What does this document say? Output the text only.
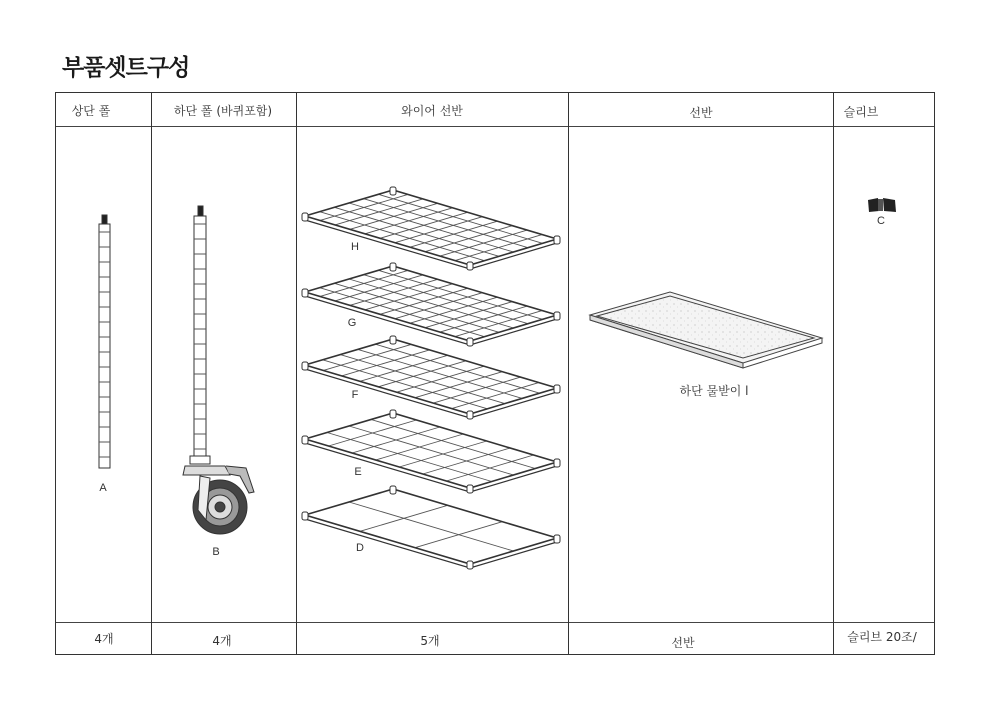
부품셋트구성
상단 폴	하단 폴 (바퀴포함)	와이어 선반	선반	슬리브
4개	4개	5개	선반	슬리브 20조/
A
B
C
H
G
F
E
D
하단 물받이 l
